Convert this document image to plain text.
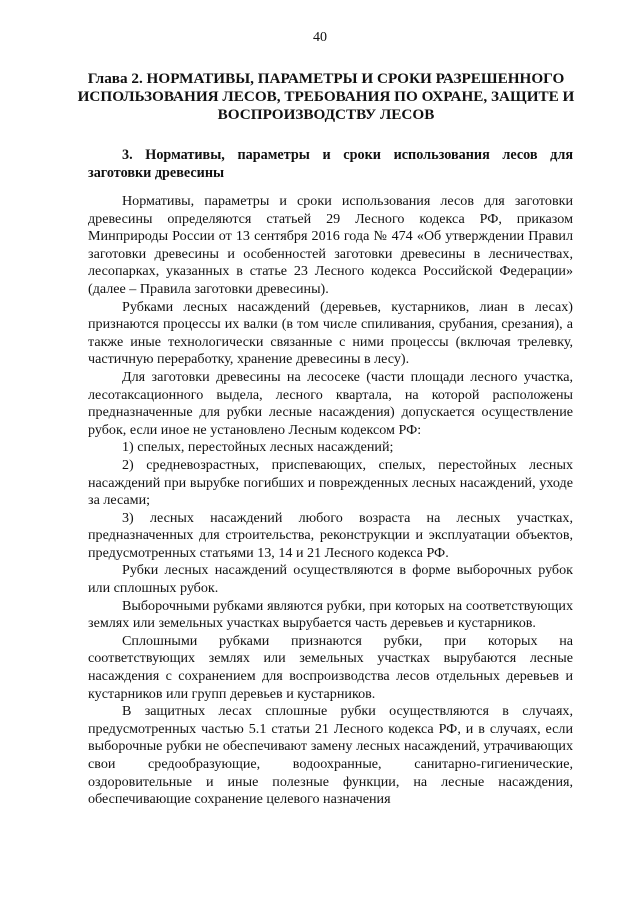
40
Глава 2. НОРМАТИВЫ, ПАРАМЕТРЫ И СРОКИ РАЗРЕШЕННОГО ИСПОЛЬЗОВАНИЯ ЛЕСОВ, ТРЕБОВАНИЯ ПО ОХРАНЕ, ЗАЩИТЕ И ВОСПРОИЗВОДСТВУ ЛЕСОВ
3. Нормативы, параметры и сроки использования лесов для заготовки древесины

Нормативы, параметры и сроки использования лесов для заготовки древесины определяются статьей 29 Лесного кодекса РФ, приказом Минприроды России от 13 сентября 2016 года № 474 «Об утверждении Правил заготовки древесины и особенностей заготовки древесины в лесничествах, лесопарках, указанных в статье 23 Лесного кодекса Российской Федерации» (далее – Правила заготовки древесины).

Рубками лесных насаждений (деревьев, кустарников, лиан в лесах) признаются процессы их валки (в том числе спиливания, срубания, срезания), а также иные технологически связанные с ними процессы (включая трелевку, частичную переработку, хранение древесины в лесу).

Для заготовки древесины на лесосеке (части площади лесного участка, лесотаксационного выдела, лесного квартала, на которой расположены предназначенные для рубки лесные насаждения) допускается осуществление рубок, если иное не установлено Лесным кодексом РФ:

1) спелых, перестойных лесных насаждений;

2) средневозрастных, приспевающих, спелых, перестойных лесных насаждений при вырубке погибших и поврежденных лесных насаждений, уходе за лесами;

3) лесных насаждений любого возраста на лесных участках, предназначенных для строительства, реконструкции и эксплуатации объектов, предусмотренных статьями 13, 14 и 21 Лесного кодекса РФ.

Рубки лесных насаждений осуществляются в форме выборочных рубок или сплошных рубок.

Выборочными рубками являются рубки, при которых на соответствующих землях или земельных участках вырубается часть деревьев и кустарников.

Сплошными рубками признаются рубки, при которых на соответствующих землях или земельных участках вырубаются лесные насаждения с сохранением для воспроизводства лесов отдельных деревьев и кустарников или групп деревьев и кустарников.

В защитных лесах сплошные рубки осуществляются в случаях, предусмотренных частью 5.1 статьи 21 Лесного кодекса РФ, и в случаях, если выборочные рубки не обеспечивают замену лесных насаждений, утрачивающих свои средообразующие, водоохранные, санитарно-гигиенические, оздоровительные и иные полезные функции, на лесные насаждения, обеспечивающие сохранение целевого назначения
